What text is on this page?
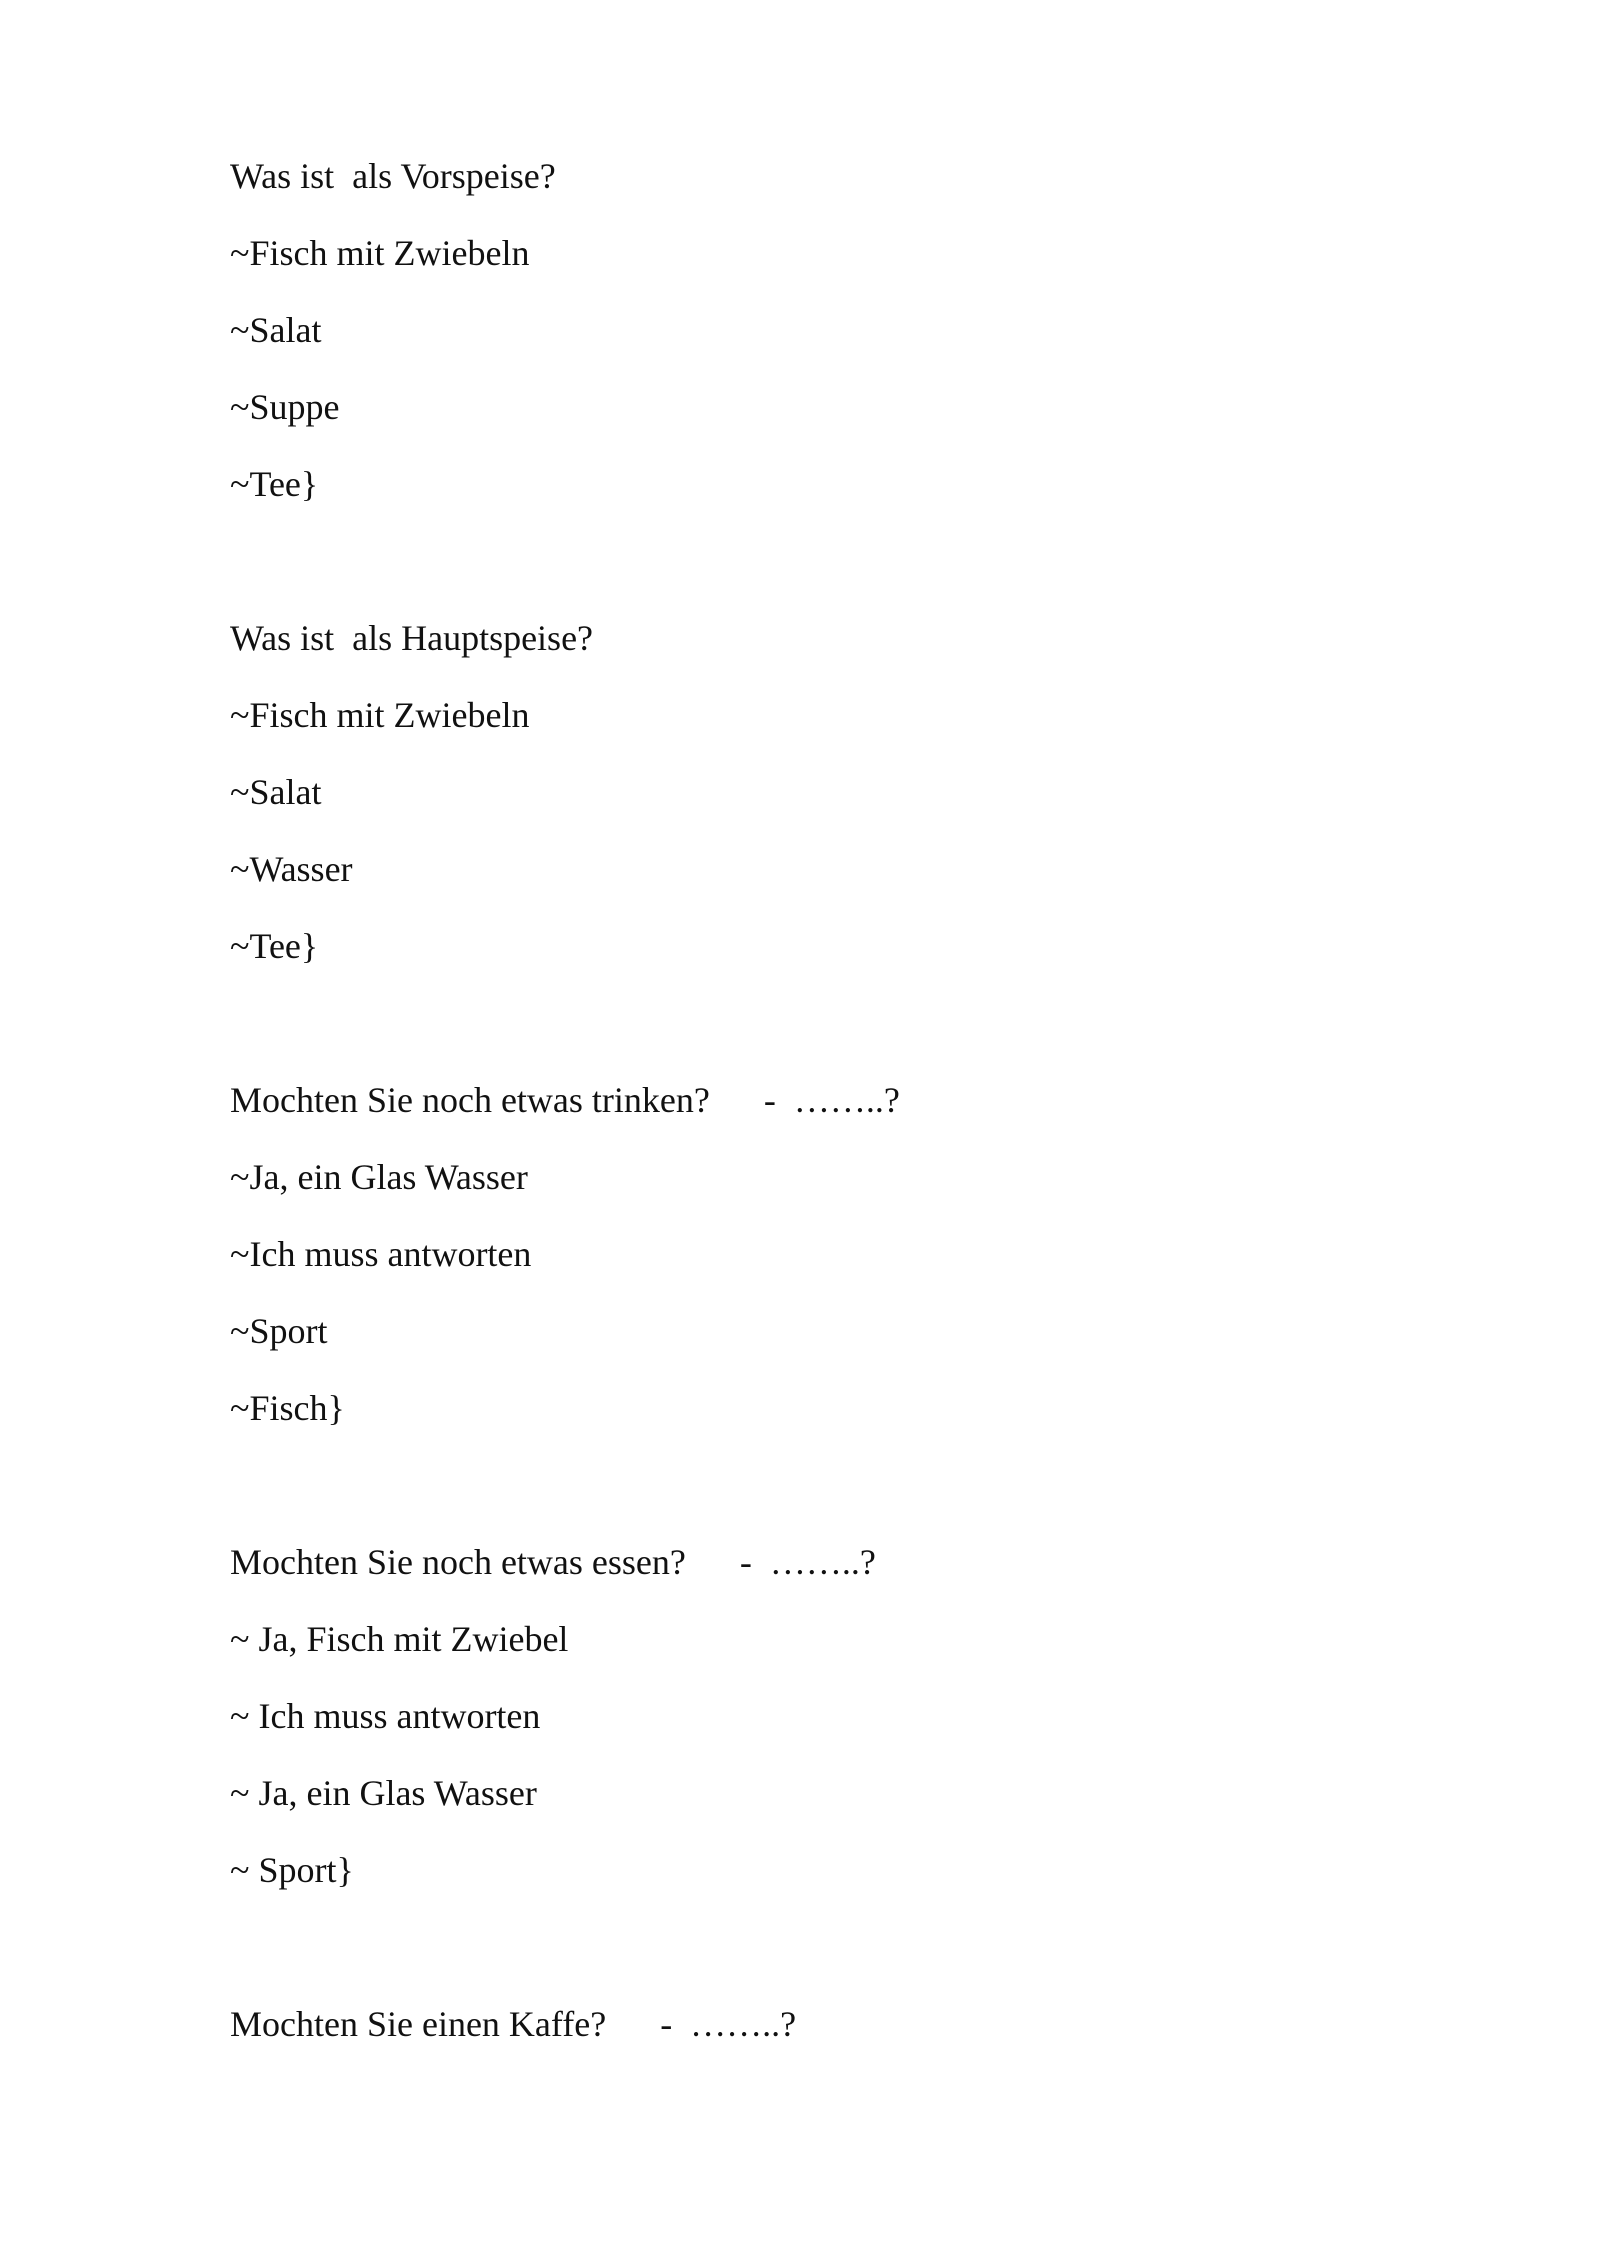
Was ist  als Vorspeise?
~Fisch mit Zwiebeln
~Salat
~Suppe
~Tee}
Was ist  als Hauptspeise?
~Fisch mit Zwiebeln
~Salat
~Wasser
~Tee}
Mochten Sie noch etwas trinken?      -  ……..?
~Ja, ein Glas Wasser
~Ich muss antworten
~Sport
~Fisch}
Mochten Sie noch etwas essen?      -  ……..?
~ Ja, Fisch mit Zwiebel
~ Ich muss antworten
~ Ja, ein Glas Wasser
~ Sport}
Mochten Sie einen Kaffe?      -  ……..?
